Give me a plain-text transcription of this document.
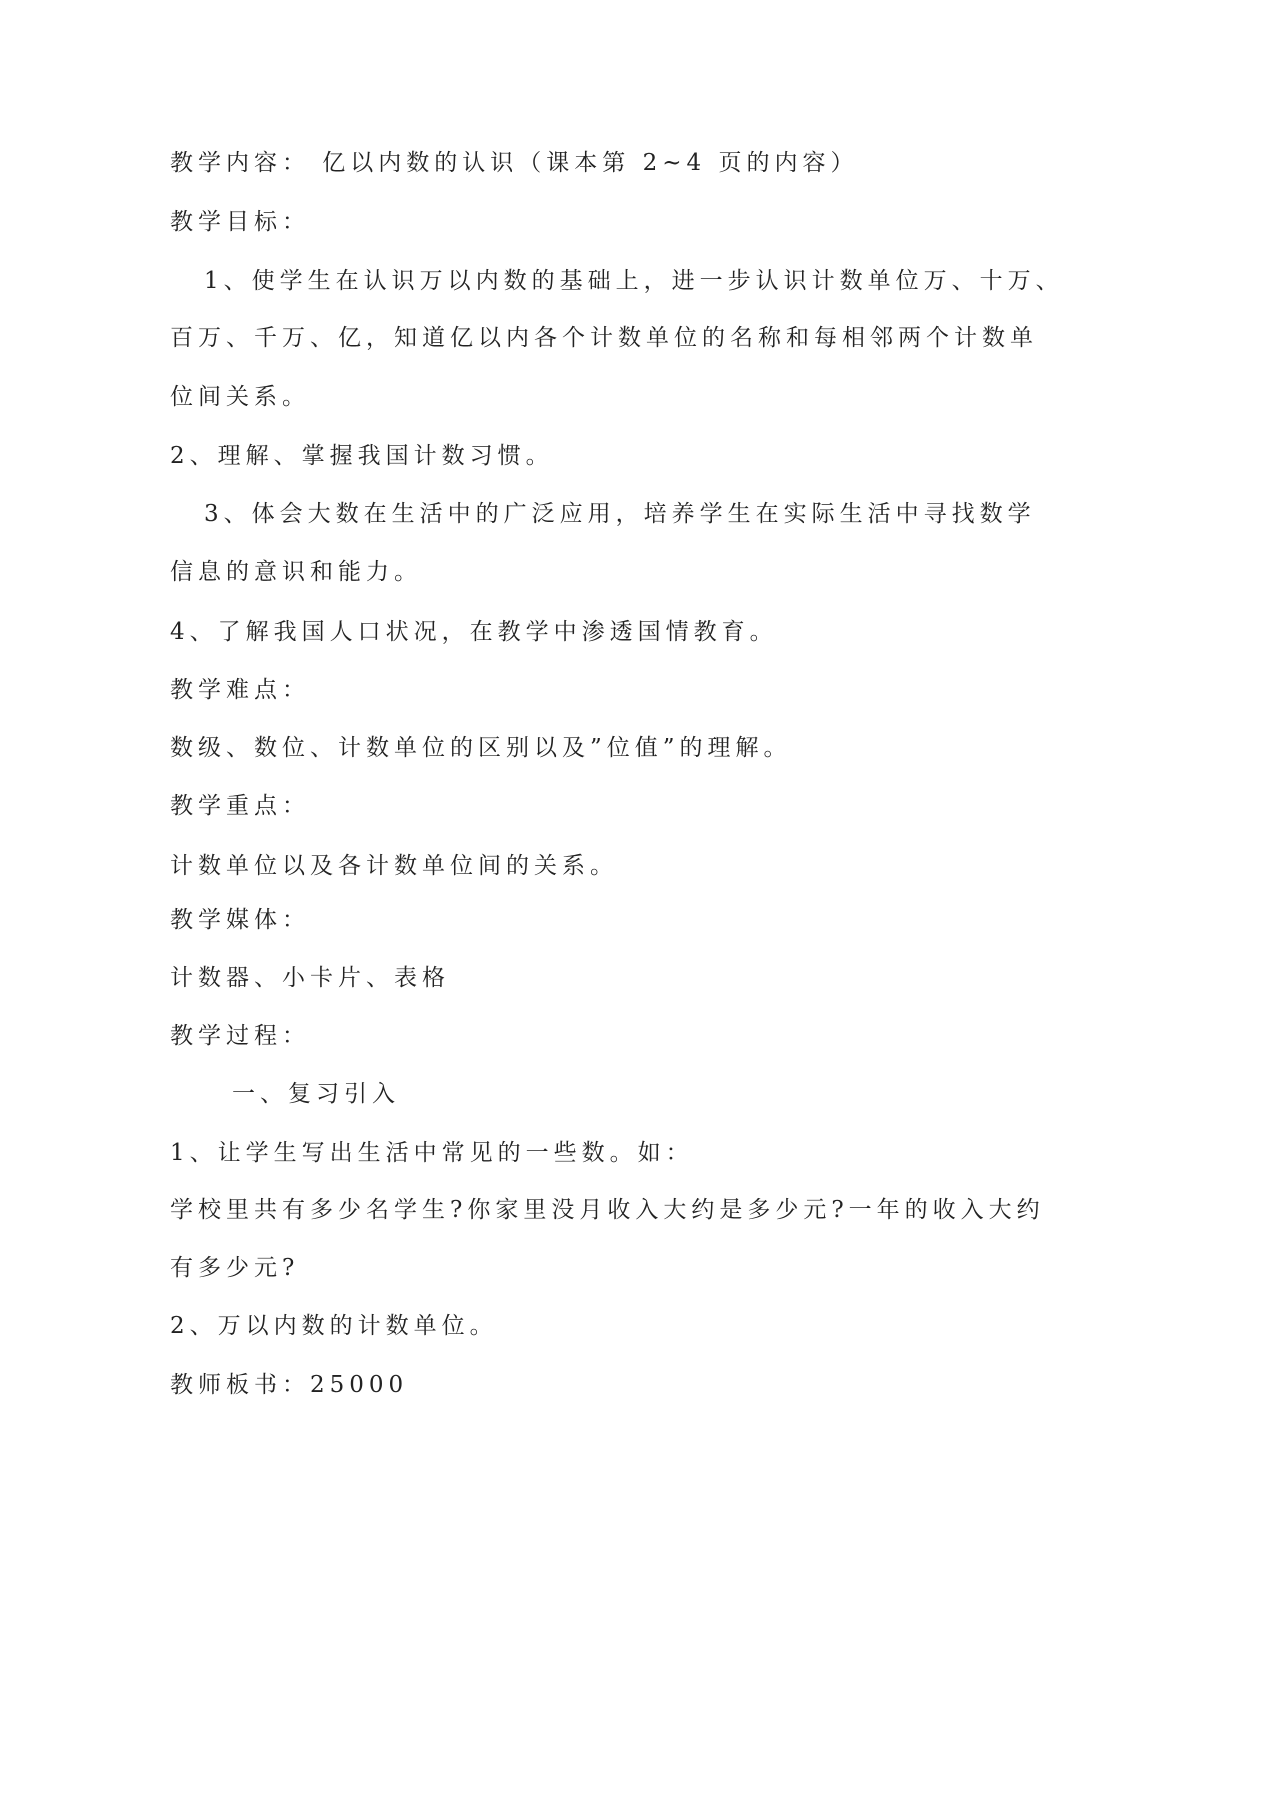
教学内容： 亿以内数的认识（课本第 2~4 页的内容）
教学目标：
1、使学生在认识万以内数的基础上，进一步认识计数单位万、十万、
百万、千万、亿，知道亿以内各个计数单位的名称和每相邻两个计数单
位间关系。
2、理解、掌握我国计数习惯。
3、体会大数在生活中的广泛应用，培养学生在实际生活中寻找数学
信息的意识和能力。
4、了解我国人口状况，在教学中渗透国情教育。
教学难点：
数级、数位、计数单位的区别以及”位值”的理解。
教学重点：
计数单位以及各计数单位间的关系。
教学媒体：
计数器、小卡片、表格
教学过程：
一、复习引入
1、让学生写出生活中常见的一些数。如：
学校里共有多少名学生?你家里没月收入大约是多少元?一年的收入大约
有多少元?
2、万以内数的计数单位。
教师板书：25000
